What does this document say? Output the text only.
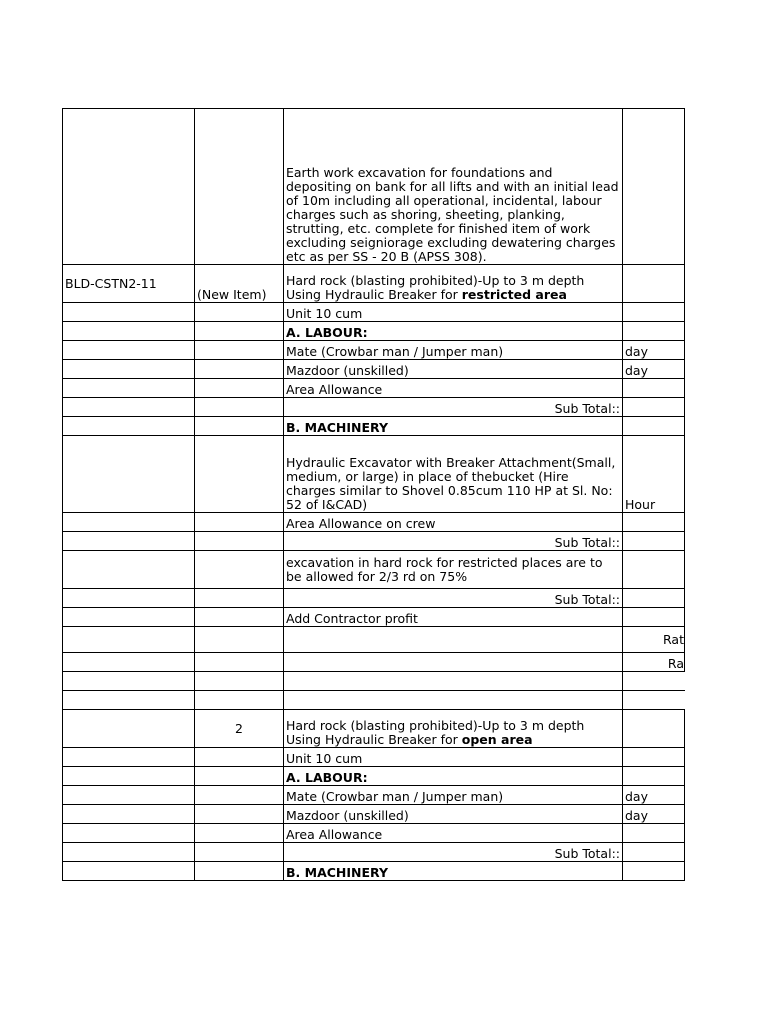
		Earth work excavation for foundations and depositing on bank for all lifts and with an initial lead of 10m including all operational, incidental, labour charges such as shoring, sheeting, planking, strutting, etc. complete for finished item of work excluding seigniorage excluding dewatering charges etc as per SS - 20 B (APSS 308).	
BLD-CSTN2-11	(New Item)	Hard rock (blasting prohibited)-Up to 3 m depth Using Hydraulic Breaker for restricted area	
		Unit 10 cum	
		A. LABOUR:	
		Mate (Crowbar man / Jumper man)	day
		Mazdoor (unskilled)	day
		Area Allowance	
		Sub Total::	
		B. MACHINERY	
		Hydraulic Excavator with Breaker Attachment(Small, medium, or large) in place of thebucket (Hire charges similar to Shovel 0.85cum 110 HP at Sl. No: 52 of I&CAD)	Hour
		Area Allowance on crew	
		Sub Total::	
		excavation in hard rock for restricted places are to be allowed for 2/3 rd on 75%	
		Sub Total::	
		Add Contractor profit	
			Rat
			Ra

	2	Hard rock (blasting prohibited)-Up to 3 m depth Using Hydraulic Breaker for open area	
		Unit 10 cum	
		A. LABOUR:	
		Mate (Crowbar man / Jumper man)	day
		Mazdoor (unskilled)	day
		Area Allowance	
		Sub Total::	
		B. MACHINERY	
